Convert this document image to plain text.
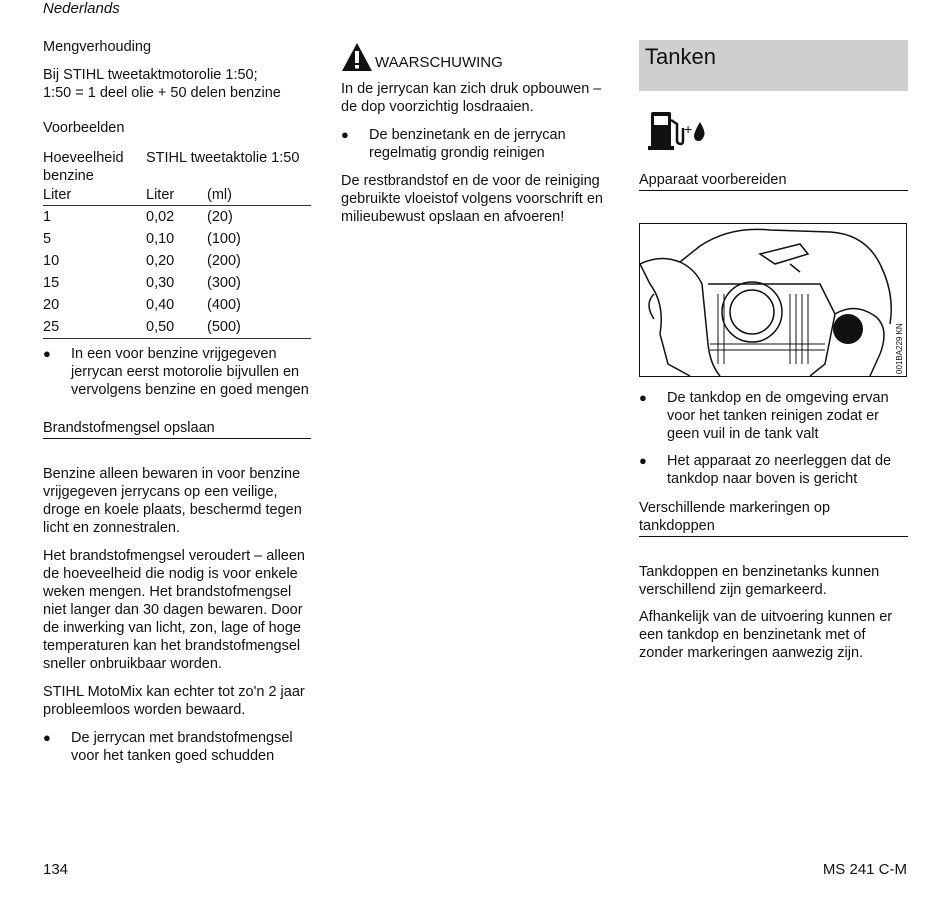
Nederlands
Mengverhouding

Bij STIHL tweetaktmotorolie 1:50;

1:50 = 1 deel olie + 50 delen benzine

Voorbeelden
Hoeveelheid benzine	STIHL tweetaktolie 1:50	
Liter	Liter	(ml)
1	0,02	(20)
5	0,10	(100)
10	0,20	(200)
15	0,30	(300)
20	0,40	(400)
25	0,50	(500)

● In een voor benzine vrijgegeven jerrycan eerst motorolie bijvullen en vervolgens benzine en goed mengen

Brandstofmengsel opslaan

Benzine alleen bewaren in voor benzine vrijgegeven jerrycans op een veilige, droge en koele plaats, beschermd tegen licht en zonnestralen.

Het brandstofmengsel veroudert – alleen de hoeveelheid die nodig is voor enkele weken mengen. Het brandstofmengsel niet langer dan 30 dagen bewaren. Door de inwerking van licht, zon, lage of hoge temperaturen kan het brandstofmengsel sneller onbruikbaar worden.

STIHL MotoMix kan echter tot zo'n 2 jaar probleemloos worden bewaard.

● De jerrycan met brandstofmengsel voor het tanken goed schudden

WAARSCHUWING

In de jerrycan kan zich druk opbouwen – de dop voorzichtig losdraaien.

● De benzinetank en de jerrycan regelmatig grondig reinigen

De restbrandstof en de voor de reiniging gebruikte vloeistof volgens voorschrift en milieubewust opslaan en afvoeren!

Tanken
+
Apparaat voorbereiden
001BA229 KN

● De tankdop en de omgeving ervan voor het tanken reinigen zodat er geen vuil in de tank valt

● Het apparaat zo neerleggen dat de tankdop naar boven is gericht

Verschillende markeringen op tankdoppen

Tankdoppen en benzinetanks kunnen verschillend zijn gemarkeerd.

Afhankelijk van de uitvoering kunnen er een tankdop en benzinetank met of zonder markeringen aanwezig zijn.

134	MS 241 C-M
